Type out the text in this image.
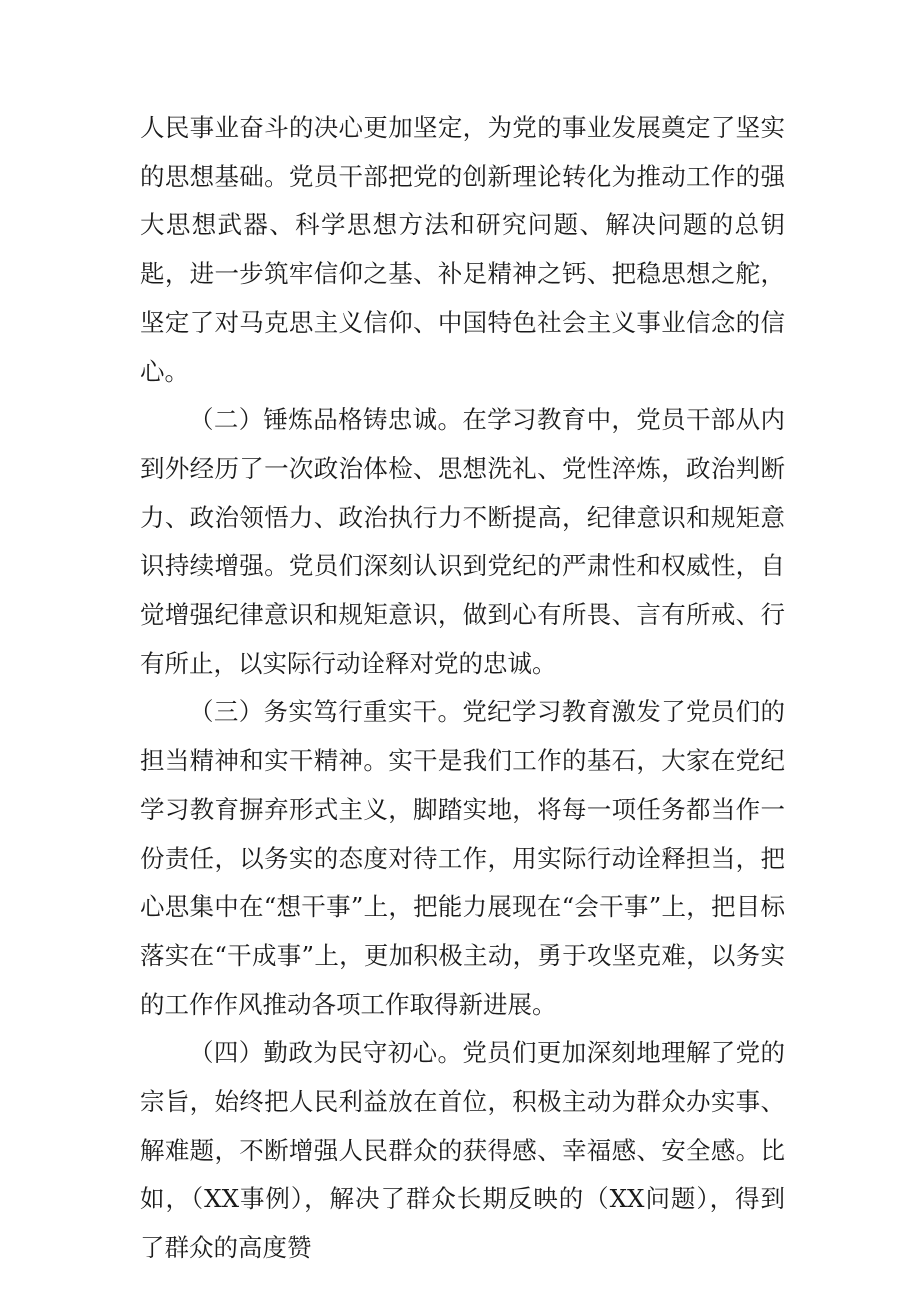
人民事业奋斗的决心更加坚定，为党的事业发展奠定了坚实的思想基础。党员干部把党的创新理论转化为推动工作的强大思想武器、科学思想方法和研究问题、解决问题的总钥匙，进一步筑牢信仰之基、补足精神之钙、把稳思想之舵，坚定了对马克思主义信仰、中国特色社会主义事业信念的信心。

（二）锤炼品格铸忠诚。在学习教育中，党员干部从内到外经历了一次政治体检、思想洗礼、党性淬炼，政治判断力、政治领悟力、政治执行力不断提高，纪律意识和规矩意识持续增强。党员们深刻认识到党纪的严肃性和权威性，自觉增强纪律意识和规矩意识，做到心有所畏、言有所戒、行有所止，以实际行动诠释对党的忠诚。

（三）务实笃行重实干。党纪学习教育激发了党员们的担当精神和实干精神。实干是我们工作的基石，大家在党纪学习教育摒弃形式主义，脚踏实地，将每一项任务都当作一份责任，以务实的态度对待工作，用实际行动诠释担当，把心思集中在“想干事”上，把能力展现在“会干事”上，把目标落实在“干成事”上，更加积极主动，勇于攻坚克难，以务实的工作作风推动各项工作取得新进展。

（四）勤政为民守初心。党员们更加深刻地理解了党的宗旨，始终把人民利益放在首位，积极主动为群众办实事、解难题，不断增强人民群众的获得感、幸福感、安全感。比如，（XX事例），解决了群众长期反映的（XX问题），得到了群众的高度赞
